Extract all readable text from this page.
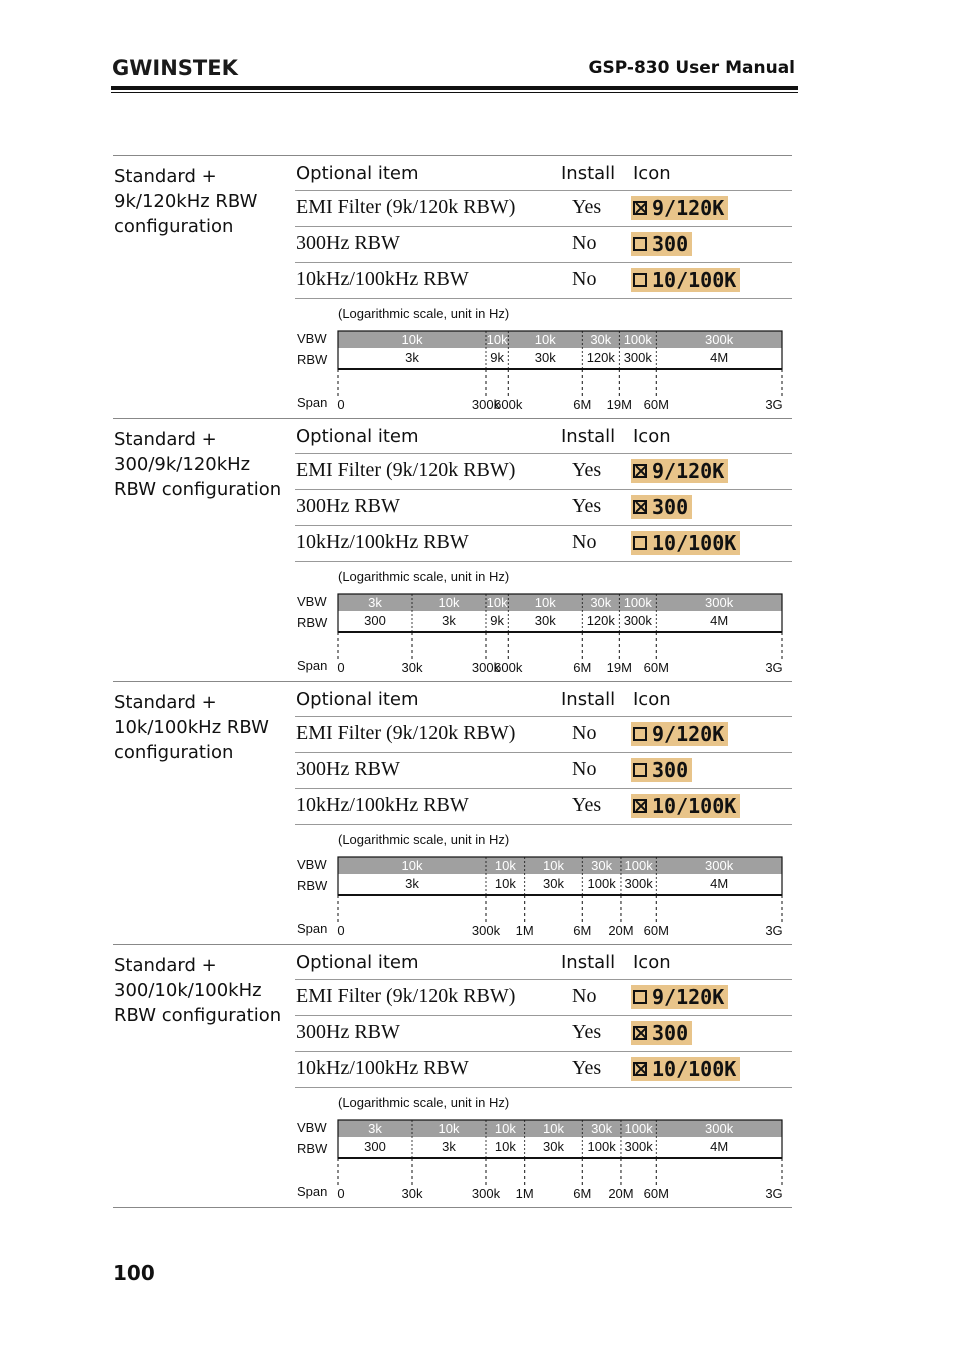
GWINSTEK	GSP-830 User Manual
Standard + 9k/120kHz RBW configuration
Optional item	Install Icon
EMI Filter (9k/120k RBW)	Yes	9/120K
300Hz RBW	No	300
10kHz/100kHz RBW	No	10/100K
(Logarithmic scale, unit in Hz)
VBW
RBW
Span
10k	10k 10k	30k 100k	300k
3k	9k 30k 120k 300k	4M
0	300k
600k	6M 19M 60M	3G
Standard + 300/9k/120kHz RBW configuration
Optional item	Install Icon
EMI Filter (9k/120k RBW)	Yes	9/120K
300Hz RBW	Yes	300
10kHz/100kHz RBW	No	10/100K
(Logarithmic scale, unit in Hz)
VBW
RBW
Span
3k	10k 10k 10k	30k 100k	300k
300	3k	9k 30k 120k 300k	4M
0	30k	300k
600k	6M 19M 60M	3G
Standard + 10k/100kHz RBW configuration
Optional item	Install Icon
EMI Filter (9k/120k RBW)	No	9/120K
300Hz RBW	No	300
10kHz/100kHz RBW	Yes	10/100K
(Logarithmic scale, unit in Hz)
VBW
RBW
Span
10k	10k 10k 30k 100k	300k
3k	10k 30k 100k 300k	4M
0	300k 1M	6M 20M 60M	3G
Standard + 300/10k/100kHz RBW configuration
Optional item	Install Icon
EMI Filter (9k/120k RBW)	No	9/120K
300Hz RBW	Yes	300
10kHz/100kHz RBW	Yes	10/100K
(Logarithmic scale, unit in Hz)
VBW
RBW
Span
3k	10k	10k 10k 30k 100k	300k
300	3k	10k 30k 100k 300k	4M
0	30k	300k 1M	6M 20M 60M	3G
100
